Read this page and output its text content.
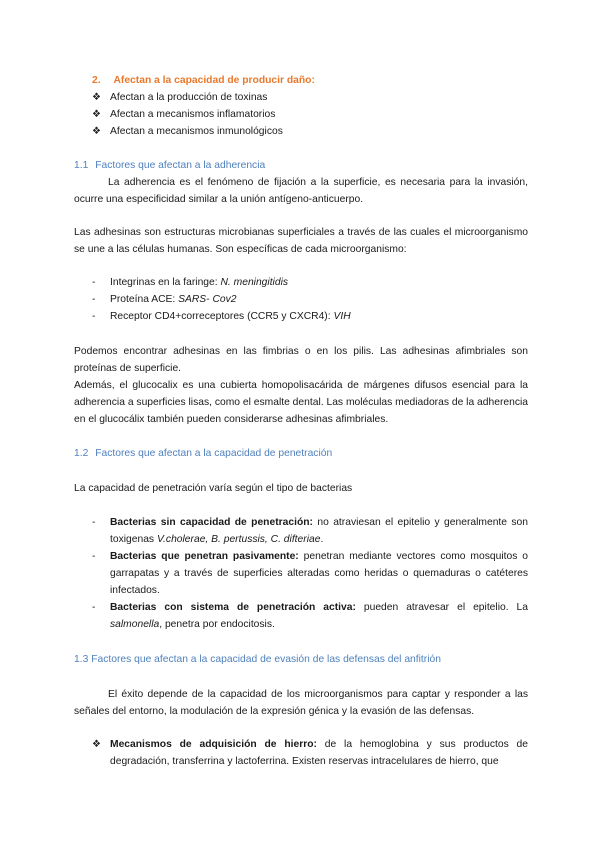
2. Afectan a la capacidad de producir daño:
❖ Afectan a la producción de toxinas
❖ Afectan a mecanismos inflamatorios
❖ Afectan a mecanismos inmunológicos
1.1 Factores que afectan a la adherencia
La adherencia es el fenómeno de fijación a la superficie, es necesaria para la invasión, ocurre una especificidad similar a la unión antígeno-anticuerpo.
Las adhesinas son estructuras microbianas superficiales a través de las cuales el microorganismo se une a las células humanas. Son específicas de cada microorganismo:
- Integrinas en la faringe: N. meningitidis
- Proteína ACE: SARS- Cov2
- Receptor CD4+correceptores (CCR5 y CXCR4): VIH
Podemos encontrar adhesinas en las fimbrias o en los pilis. Las adhesinas afimbriales son proteínas de superficie.
Además, el glucocalix es una cubierta homopolisacárida de márgenes difusos esencial para la adherencia a superficies lisas, como el esmalte dental. Las moléculas mediadoras de la adherencia en el glucocálix también pueden considerarse adhesinas afimbriales.
1.2 Factores que afectan a la capacidad de penetración
La capacidad de penetración varía según el tipo de bacterias
- Bacterias sin capacidad de penetración: no atraviesan el epitelio y generalmente son toxigenas V.cholerae, B. pertussis, C. difteriae.
- Bacterias que penetran pasivamente: penetran mediante vectores como mosquitos o garrapatas y a través de superficies alteradas como heridas o quemaduras o catéteres infectados.
- Bacterias con sistema de penetración activa: pueden atravesar el epitelio. La salmonella, penetra por endocitosis.
1.3 Factores que afectan a la capacidad de evasión de las defensas del anfitrión
El éxito depende de la capacidad de los microorganismos para captar y responder a las señales del entorno, la modulación de la expresión génica y la evasión de las defensas.
❖ Mecanismos de adquisición de hierro: de la hemoglobina y sus productos de degradación, transferrina y lactoferrina. Existen reservas intracelulares de hierro, que
